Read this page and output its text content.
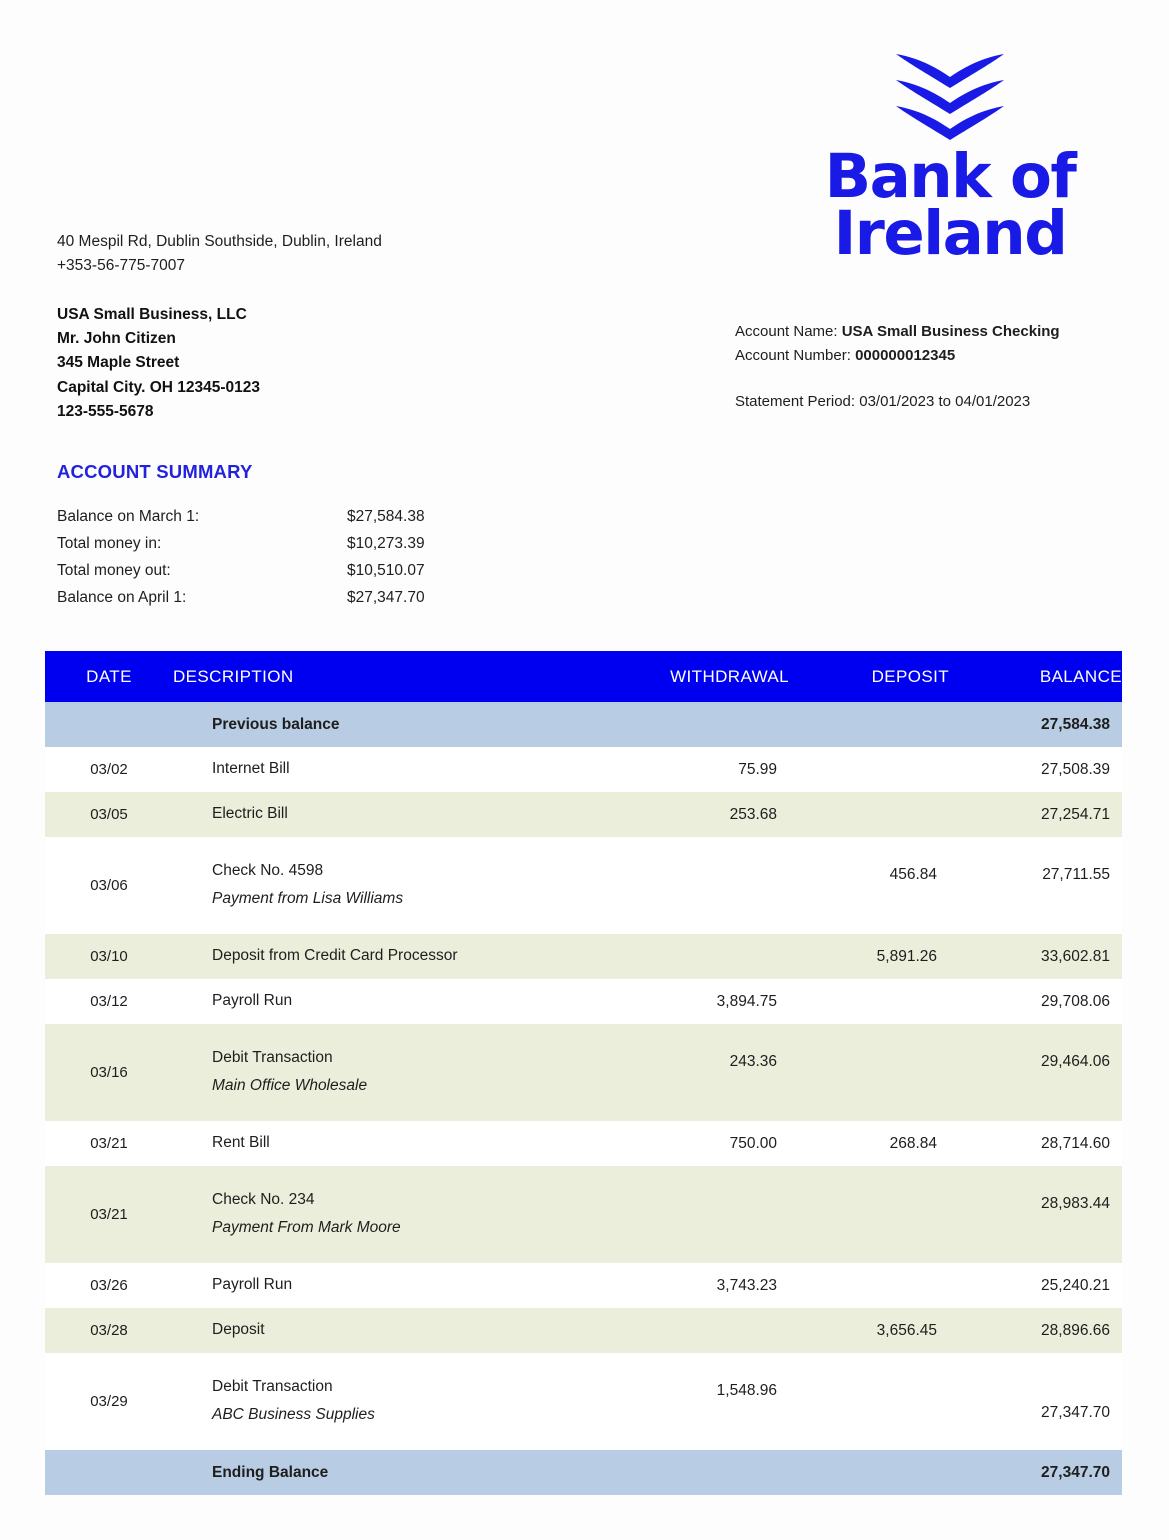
Bank of
Ireland
40 Mespil Rd, Dublin Southside, Dublin, Ireland
+353-56-775-7007
USA Small Business, LLC
Mr. John Citizen
345 Maple Street
Capital City. OH 12345-0123
123-555-5678
Account Name: USA Small Business Checking
Account Number: 000000012345
Statement Period: 03/01/2023 to 04/01/2023
ACCOUNT SUMMARY
Balance on March 1:	$27,584.38
Total money in:	$10,273.39
Total money out:	$10,510.07
Balance on April 1:	$27,347.70
DATE	DESCRIPTION	WITHDRAWAL	DEPOSIT	BALANCE
	Previous balance			27,584.38
03/02	Internet Bill	75.99		27,508.39
03/05	Electric Bill	253.68		27,254.71
03/06	Check No. 4598
Payment from Lisa Williams		456.84	27,711.55
03/10	Deposit from Credit Card Processor		5,891.26	33,602.81
03/12	Payroll Run	3,894.75		29,708.06
03/16	Debit Transaction
Main Office Wholesale	243.36		29,464.06
03/21	Rent Bill	750.00	268.84	28,714.60
03/21	Check No. 234
Payment From Mark Moore			28,983.44
03/26	Payroll Run	3,743.23		25,240.21
03/28	Deposit		3,656.45	28,896.66
03/29	Debit Transaction
ABC Business Supplies	1,548.96		27,347.70
	Ending Balance			27,347.70
